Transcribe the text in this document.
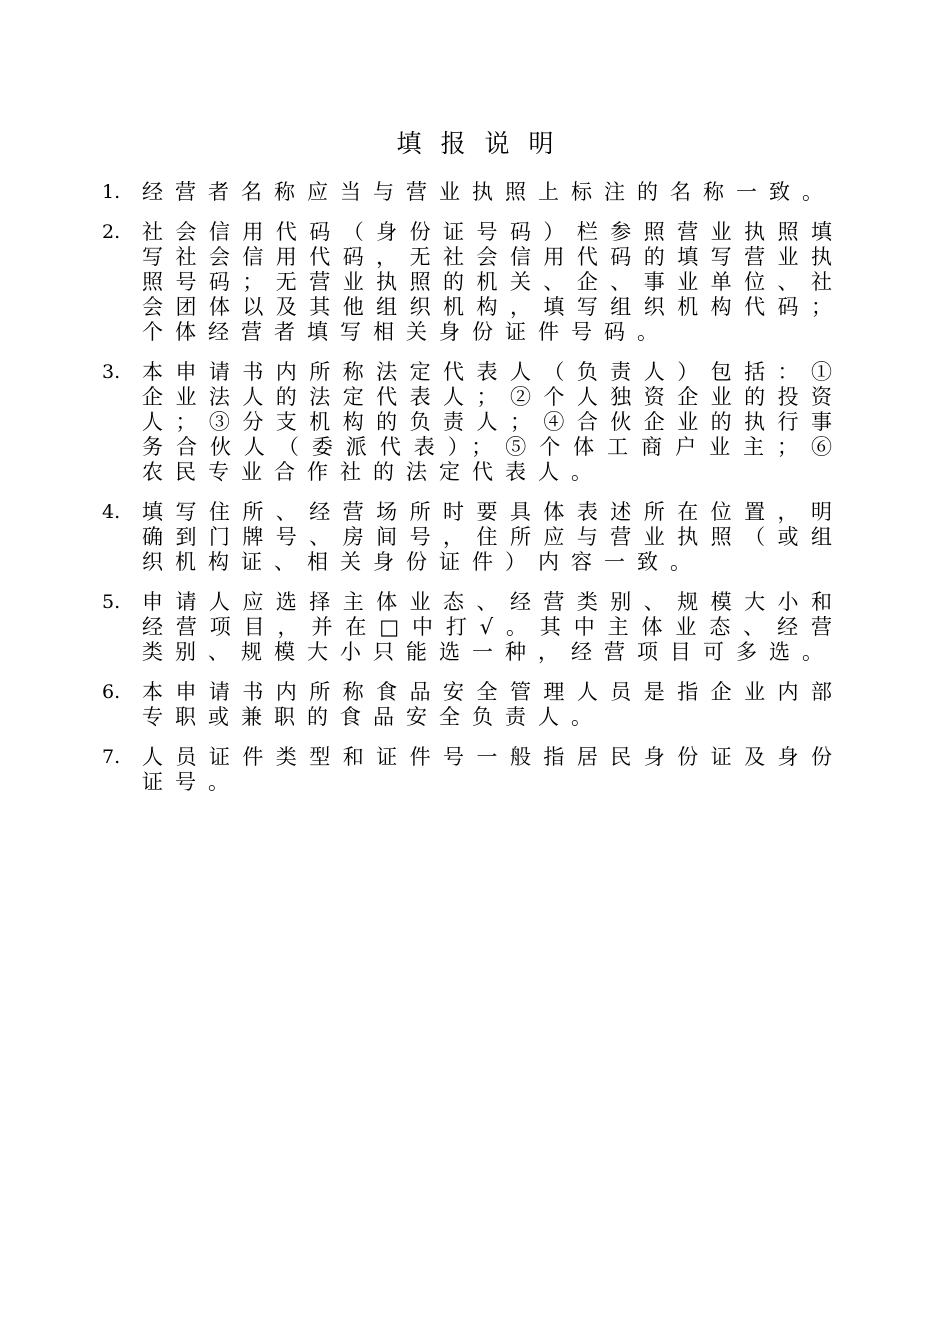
填报说明
1.	经营者名称应当与营业执照上标注的名称一致。
2.	社会信用代码（身份证号码）栏参照营业执照填写社会信用代码，无社会信用代码的填写营业执照号码；无营业执照的机关、企、事业单位、社会团体以及其他组织机构，填写组织机构代码；个体经营者填写相关身份证件号码。
3.	本申请书内所称法定代表人（负责人）包括：①企业法人的法定代表人；②个人独资企业的投资人；③分支机构的负责人；④合伙企业的执行事务合伙人（委派代表）；⑤个体工商户业主；⑥农民专业合作社的法定代表人。
4.	填写住所、经营场所时要具体表述所在位置，明确到门牌号、房间号，住所应与营业执照（或组织机构证、相关身份证件）内容一致。
5.	申请人应选择主体业态、经营类别、规模大小和经营项目，并在□中打√。其中主体业态、经营类别、规模大小只能选一种，经营项目可多选。
6.	本申请书内所称食品安全管理人员是指企业内部专职或兼职的食品安全负责人。
7.	人员证件类型和证件号一般指居民身份证及身份证号。
